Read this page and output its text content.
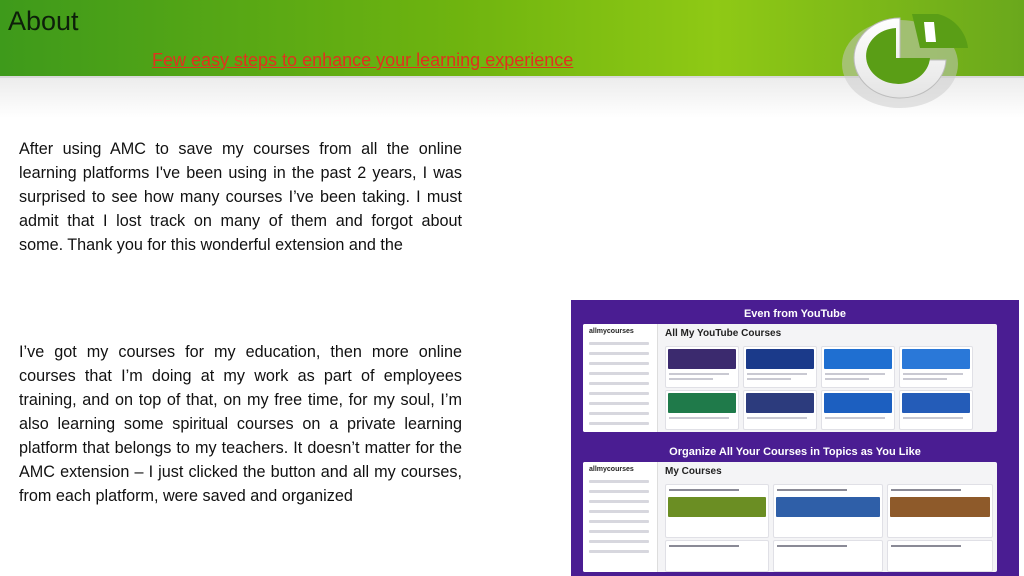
About
Few easy steps to enhance your learning experience
After using AMC to save my courses from all the online learning platforms I've been using in the past 2 years, I was surprised to see how many courses I’ve been taking. I must admit that I lost track on many of them and forgot about some. Thank you for this wonderful extension and the
I’ve got my courses for my education, then more online courses that I’m doing at my work as part of employees training, and on top of that, on my free time, for my soul, I’m also learning some spiritual courses on a private learning platform that belongs to my teachers. It doesn’t matter for the AMC extension – I just clicked the button and all my courses, from each platform, were saved and organized
Even from YouTube
allmycourses	All My YouTube Courses
Organize All Your Courses in Topics as You Like
allmycourses	My Courses
